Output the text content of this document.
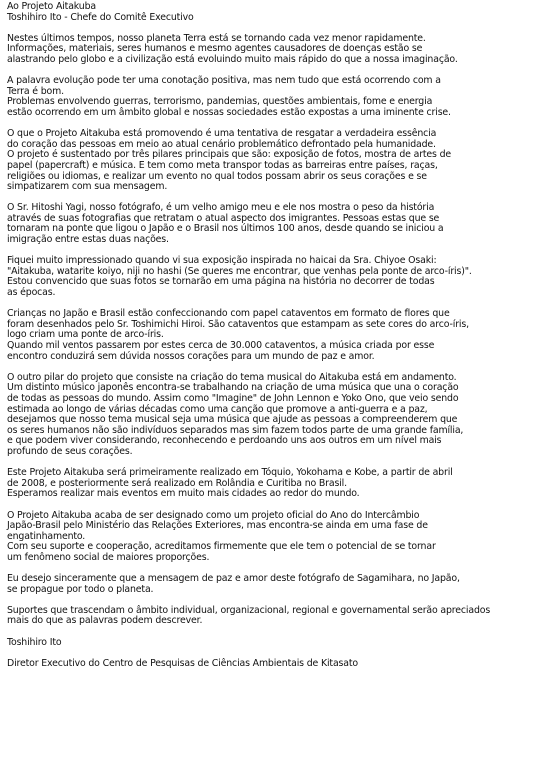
Ao Projeto Aitakuba
Toshihiro Ito - Chefe do Comitê Executivo
Nestes últimos tempos, nosso planeta Terra está se tornando cada vez menor rapidamente.
Informações, materiais, seres humanos e mesmo agentes causadores de doenças estão se
alastrando pelo globo e a civilização está evoluindo muito mais rápido do que a nossa imaginação.
A palavra evolução pode ter uma conotação positiva, mas nem tudo que está ocorrendo com a
Terra é bom.
Problemas envolvendo guerras, terrorismo, pandemias, questões ambientais, fome e energia
estão ocorrendo em um âmbito global e nossas sociedades estão expostas a uma iminente crise.
O que o Projeto Aitakuba está promovendo é uma tentativa de resgatar a verdadeira essência
do coração das pessoas em meio ao atual cenário problemático defrontado pela humanidade.
O projeto é sustentado por três pilares principais que são: exposição de fotos, mostra de artes de
papel (papercraft) e música. E tem como meta transpor todas as barreiras entre países, raças,
religiões ou idiomas, e realizar um evento no qual todos possam abrir os seus corações e se
simpatizarem com sua mensagem.
O Sr. Hitoshi Yagi, nosso fotógrafo, é um velho amigo meu e ele nos mostra o peso da história
através de suas fotografias que retratam o atual aspecto dos imigrantes. Pessoas estas que se
tornaram na ponte que ligou o Japão e o Brasil nos últimos 100 anos, desde quando se iniciou a
imigração entre estas duas nações.
Fiquei muito impressionado quando vi sua exposição inspirada no haicai da Sra. Chiyoe Osaki:
"Aitakuba, watarite koiyo, niji no hashi (Se queres me encontrar, que venhas pela ponte de arco-íris)".
Estou convencido que suas fotos se tornarão em uma página na história no decorrer de todas
as épocas.
Crianças no Japão e Brasil estão confeccionando com papel cataventos em formato de flores que
foram desenhados pelo Sr. Toshimichi Hiroi. São cataventos que estampam as sete cores do arco-íris,
logo criam uma ponte de arco-íris.
Quando mil ventos passarem por estes cerca de 30.000 cataventos, a música criada por esse
encontro conduzirá sem dúvida nossos corações para um mundo de paz e amor.
O outro pilar do projeto que consiste na criação do tema musical do Aitakuba está em andamento.
Um distinto músico japonês encontra-se trabalhando na criação de uma música que una o coração
de todas as pessoas do mundo. Assim como "Imagine" de John Lennon e Yoko Ono, que veio sendo
estimada ao longo de várias décadas como uma canção que promove a anti-guerra e a paz,
desejamos que nosso tema musical seja uma música que ajude as pessoas a compreenderem que
os seres humanos não são indivíduos separados mas sim fazem todos parte de uma grande família,
e que podem viver considerando, reconhecendo e perdoando uns aos outros em um nível mais
profundo de seus corações.
Este Projeto Aitakuba será primeiramente realizado em Tóquio, Yokohama e Kobe, a partir de abril
de 2008, e posteriormente será realizado em Rolândia e Curitiba no Brasil.
Esperamos realizar mais eventos em muito mais cidades ao redor do mundo.
O Projeto Aitakuba acaba de ser designado como um projeto oficial do Ano do Intercâmbio
Japão-Brasil pelo Ministério das Relações Exteriores, mas encontra-se ainda em uma fase de
engatinhamento.
Com seu suporte e cooperação, acreditamos firmemente que ele tem o potencial de se tornar
um fenômeno social de maiores proporções.
Eu desejo sinceramente que a mensagem de paz e amor deste fotógrafo de Sagamihara, no Japão,
se propague por todo o planeta.
Suportes que trascendam o âmbito individual, organizacional, regional e governamental serão apreciados
mais do que as palavras podem descrever.
Toshihiro Ito
Diretor Executivo do Centro de Pesquisas de Ciências Ambientais de Kitasato
